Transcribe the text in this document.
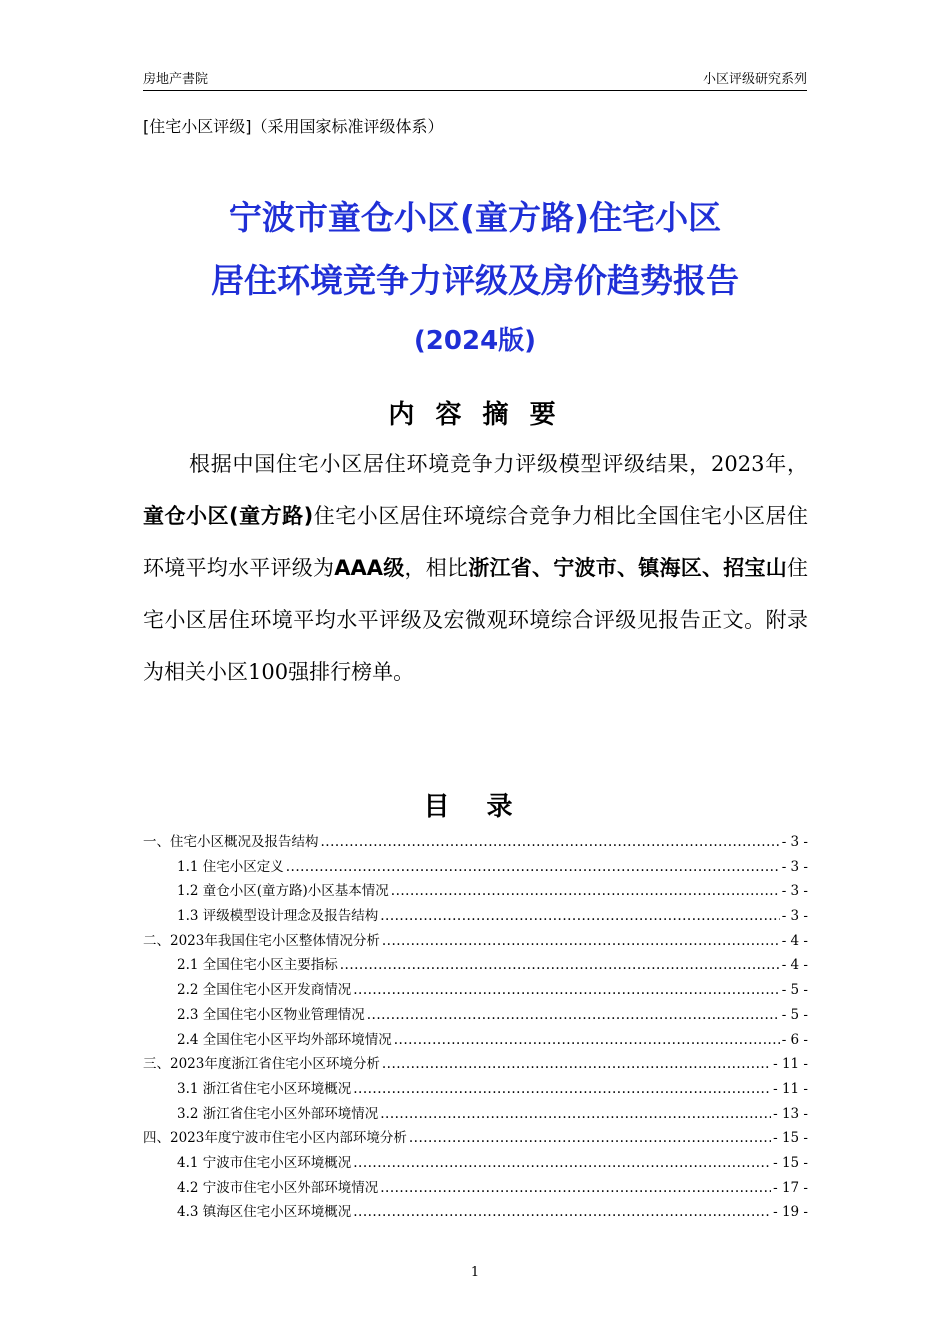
房地产書院	小区评级研究系列
[住宅小区评级]（采用国家标准评级体系）
宁波市童仓小区(童方路)住宅小区
居住环境竞争力评级及房价趋势报告
(2024版)
内 容 摘 要

根据中国住宅小区居住环境竞争力评级模型评级结果，2023年，童仓小区(童方路)住宅小区居住环境综合竞争力相比全国住宅小区居住环境平均水平评级为AAA级，相比浙江省、宁波市、镇海区、招宝山住宅小区居住环境平均水平评级及宏微观环境综合评级见报告正文。附录为相关小区100强排行榜单。

目 录
一、住宅小区概况及报告结构 .....	- 3 -
1.1 住宅小区定义 .....	- 3 -
1.2 童仓小区(童方路)小区基本情况 .....	- 3 -
1.3 评级模型设计理念及报告结构 .....	- 3 -
二、2023年我国住宅小区整体情况分析 .....	- 4 -
2.1 全国住宅小区主要指标 .....	- 4 -
2.2 全国住宅小区开发商情况 .....	- 5 -
2.3 全国住宅小区物业管理情况 .....	- 5 -
2.4 全国住宅小区平均外部环境情况 .....	- 6 -
三、2023年度浙江省住宅小区环境分析 .....	- 11 -
3.1 浙江省住宅小区环境概况 .....	- 11 -
3.2 浙江省住宅小区外部环境情况 .....	- 13 -
四、2023年度宁波市住宅小区内部环境分析 .....	- 15 -
4.1 宁波市住宅小区环境概况 .....	- 15 -
4.2 宁波市住宅小区外部环境情况 .....	- 17 -
4.3 镇海区住宅小区环境概况 .....	- 19 -
1
